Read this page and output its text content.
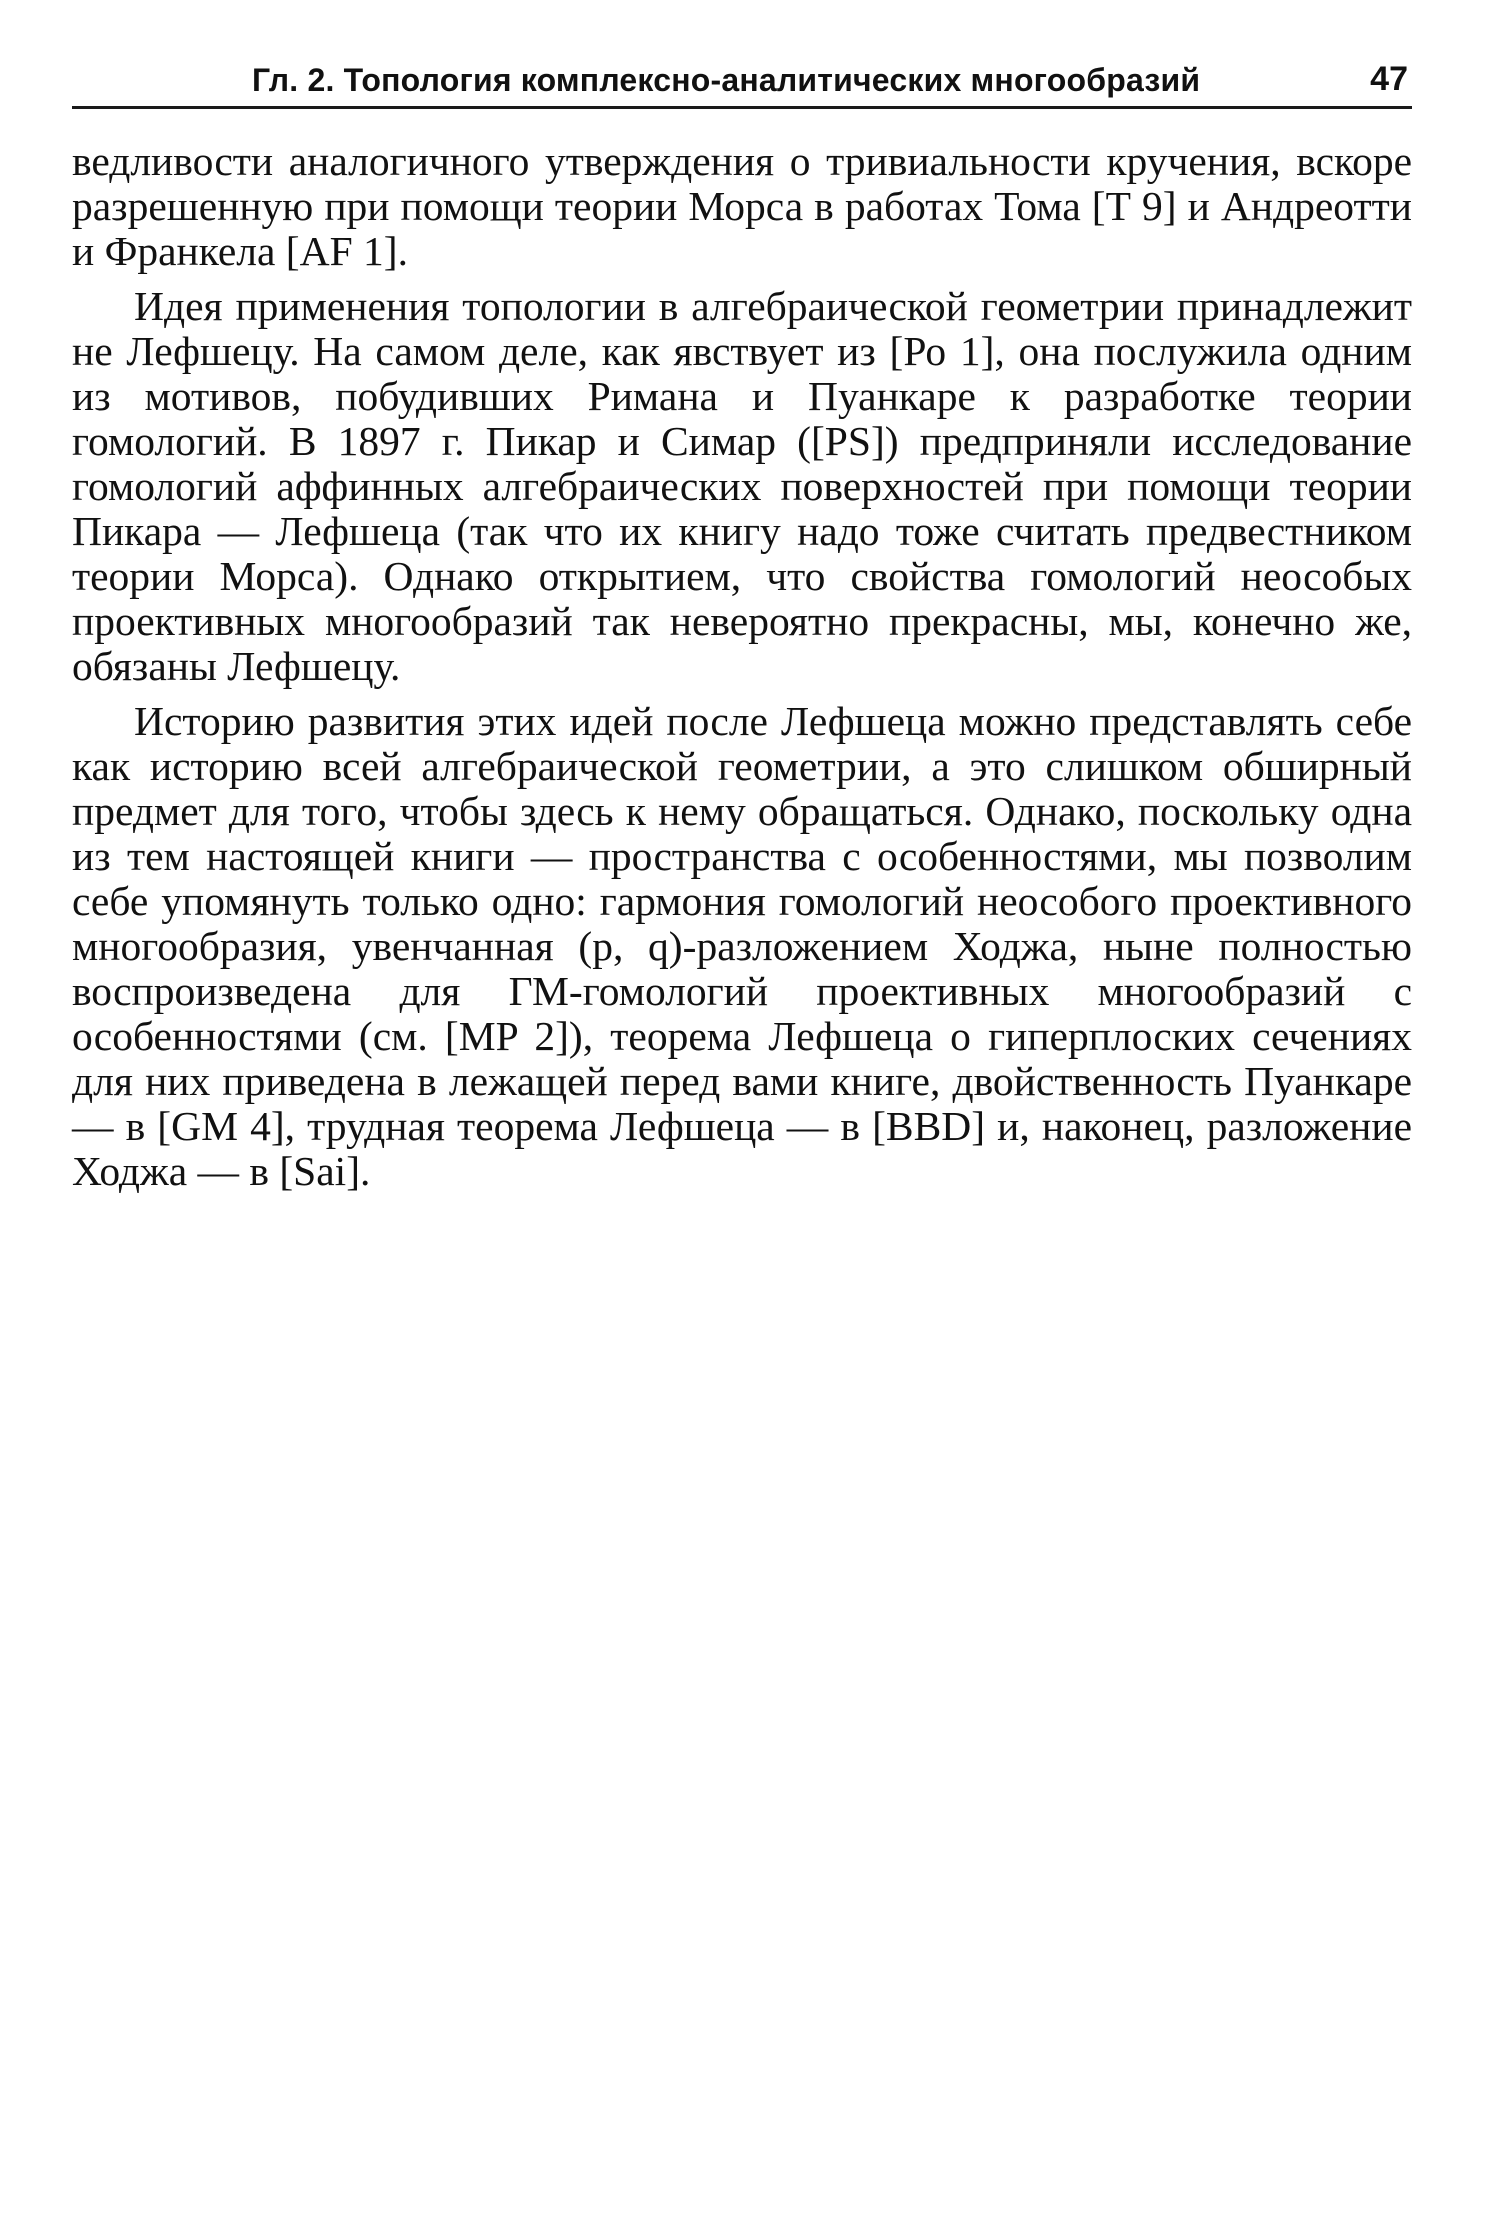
Гл. 2. Топология комплексно-аналитических многообразий	47

ведливости аналогичного утверждения о тривиальности кручения, вскоре разрешенную при помощи теории Морса в работах Тома [Т 9] и Андреотти и Франкела [AF 1].

Идея применения топологии в алгебраической геометрии принадлежит не Лефшецу. На самом деле, как явствует из [Ро 1], она послужила одним из мотивов, побудивших Римана и Пуанкаре к разработке теории гомологий. В 1897 г. Пикар и Симар ([PS]) предприняли исследование гомологий аффинных алгебраических поверхностей при помощи теории Пикара — Лефшеца (так что их книгу надо тоже считать предвестником теории Морса). Однако открытием, что свойства гомологий неособых проективных многообразий так невероятно прекрасны, мы, конечно же, обязаны Лефшецу.

Историю развития этих идей после Лефшеца можно представлять себе как историю всей алгебраической геометрии, а это слишком обширный предмет для того, чтобы здесь к нему обращаться. Однако, поскольку одна из тем настоящей книги — пространства с особенностями, мы позволим себе упомянуть только одно: гармония гомологий неособого проективного многообразия, увенчанная (p, q)-разложением Ходжа, ныне полностью воспроизведена для ГМ-гомологий проективных многообразий с особенностями (см. [MP 2]), теорема Лефшеца о гиперплоских сечениях для них приведена в лежащей перед вами книге, двойственность Пуанкаре — в [GM 4], трудная теорема Лефшеца — в [BBD] и, наконец, разложение Ходжа — в [Sai].
